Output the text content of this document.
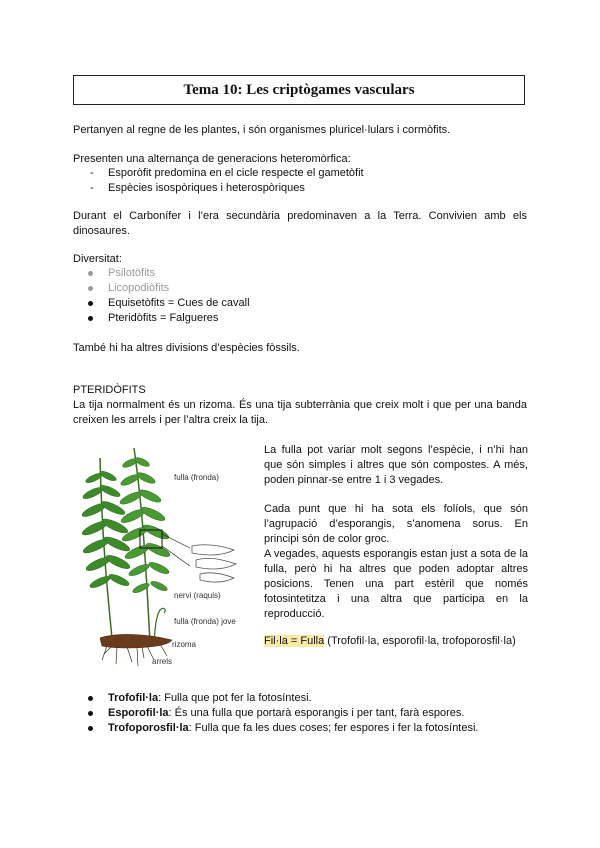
Tema 10: Les criptògames vasculars

Pertanyen al regne de les plantes, i són organismes pluricel·lulars i cormòfits.

Presenten una alternança de generacions heteromòrfica:

- Esporòfit predomina en el cicle respecte el gametòfit
- Espècies isospòriques i heterospòriques

Durant el Carbonífer i l’era secundària predominaven a la Terra. Convivien amb els dinosaures.

Diversitat:

Psilotòfits
Licopodiòfits
Equisetòfits = Cues de cavall
Pteridòfits = Falgueres

També hi ha altres divisions d’espècies fòssils.

PTERIDÒFITS

La tija normalment és un rizoma. És una tija subterrània que creix molt i que per una banda creixen les arrels i per l’altra creix la tija.

fulla (fronda)
nervi (raquis)
fulla (fronda) jove
rizoma
arrels

La fulla pot variar molt segons l’espècie, i n’hi han que són simples i altres que són compostes. A més, poden pinnar-se entre 1 i 3 vegades.

Cada punt que hi ha sota els folíols, que són l’agrupació d’esporangis, s’anomena sorus. En principi són de color groc.

A vegades, aquests esporangis estan just a sota de la fulla, però hi ha altres que poden adoptar altres posicions. Tenen una part estèril que només fotosintetitza i una altra que participa en la reproducció.

Fil·la = Fulla (Trofofil·la, esporofil·la, trofoporosfil·la)

Trofofil·la: Fulla que pot fer la fotosíntesi.

Esporofil·la: És una fulla que portarà esporangis i per tant, farà espores.

Trofoporosfil·la: Fulla que fa les dues coses; fer espores i fer la fotosíntesi.
